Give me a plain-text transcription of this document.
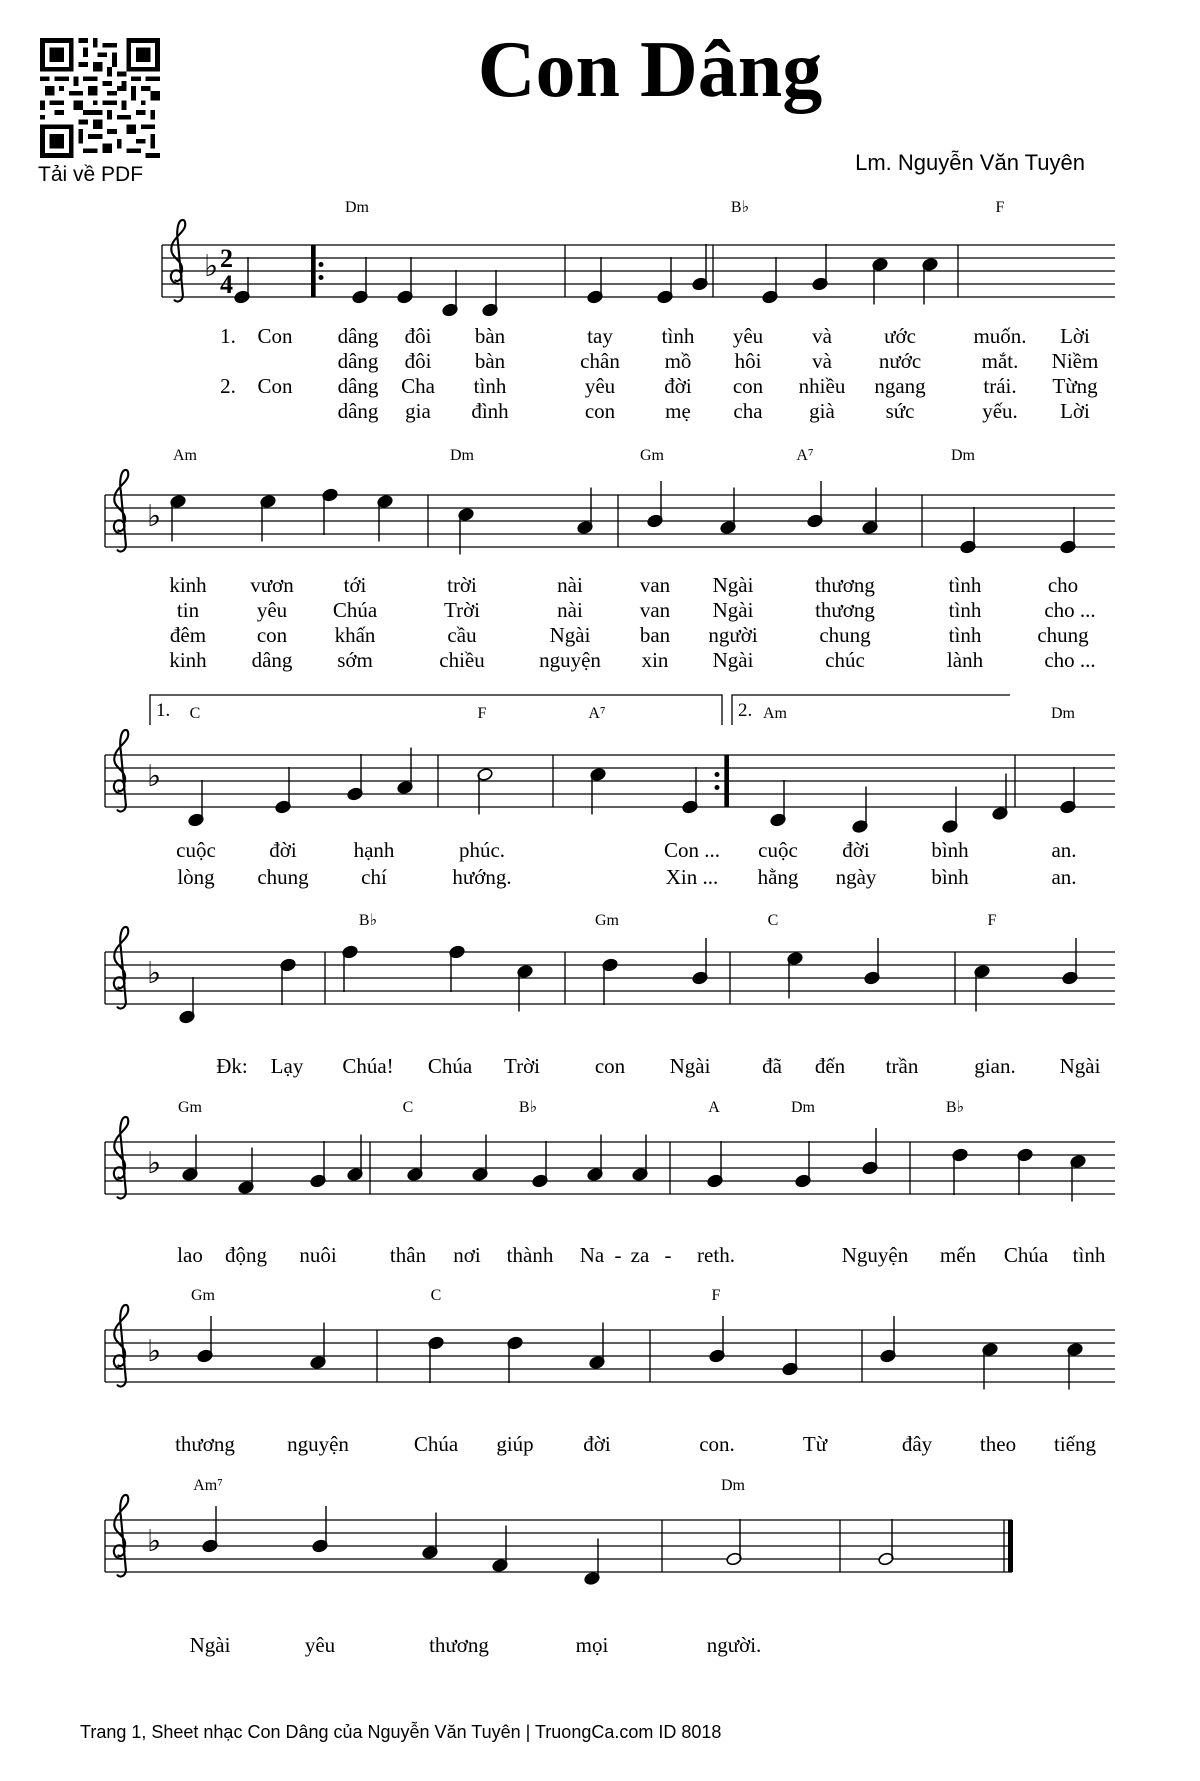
Tải về PDF
Con Dâng
Lm. Nguyễn Văn Tuyên
♭ 2
4
♭
♭
♭
♭
♭
♭
1.	2.
Dm	B♭	F
1. Con dâng đôi bàn	tay tình yêu và ước	muốn. Lời
dâng đôi bàn	chân mồ hôi và nước	mắt. Niềm
2. Con dâng Cha tình	yêu đời con nhiều ngang	trái. Từng
dâng gia đình	con mẹ cha già sức	yếu. Lời
Am	Dm	Gm	A⁷	Dm
kinh vươn tới	trời	nài	van Ngài	thương	tình	cho
tin	yêu Chúa	Trời	nài	van Ngài	thương	tình	cho ...
đêm con khấn	cầu	Ngài ban người	chung	tình	chung
kinh dâng sớm	chiều	nguyện xin Ngài	chúc	lành	cho ...
C	F	A⁷	Am	Dm
cuộc	đời	hạnh	phúc.	Con ... cuộc đời	bình	an.
lòng chung	chí	hướng.	Xin ... hằng ngày	bình	an.
B♭	Gm	C	F
Đk: Lạy Chúa! Chúa Trời	con Ngài đã đến trần	gian. Ngài
Gm	C	B♭	A	Dm	B♭
lao động nuôi	thân nơi thành Na - za - reth.	Nguyện mến Chúa tình
Gm	C	F
thương nguyện	Chúa giúp đời	con.	Từ	đây theo tiếng
Am⁷	Dm
Ngài	yêu	thương	mọi	người.
Trang 1, Sheet nhạc Con Dâng của Nguyễn Văn Tuyên | TruongCa.com ID 8018
